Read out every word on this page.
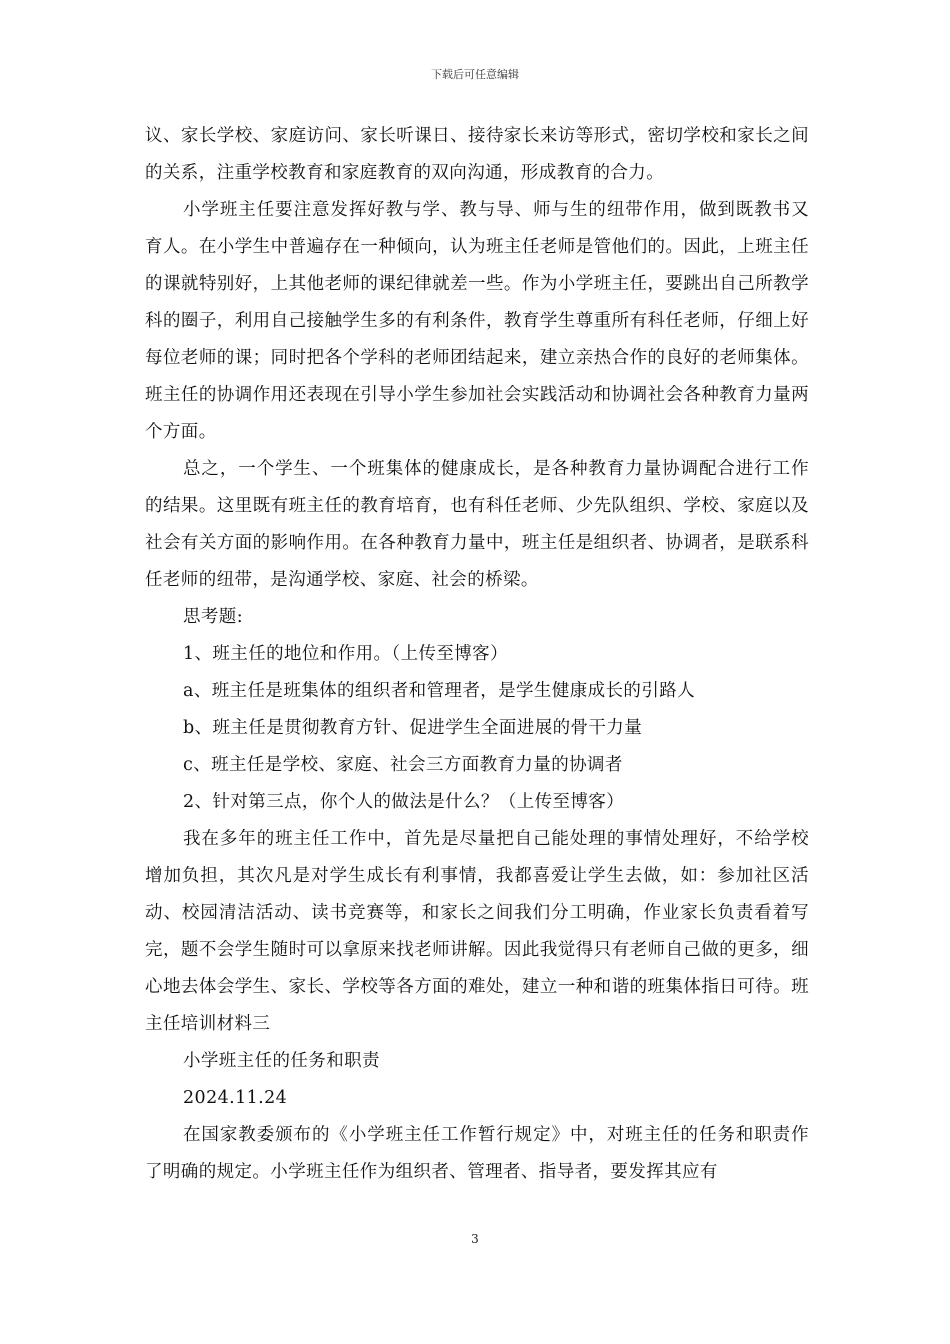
下载后可任意编辑

议、家长学校、家庭访问、家长听课日、接待家长来访等形式，密切学校和家长之间的关系，注重学校教育和家庭教育的双向沟通，形成教育的合力。

小学班主任要注意发挥好教与学、教与导、师与生的纽带作用，做到既教书又育人。在小学生中普遍存在一种倾向，认为班主任老师是管他们的。因此，上班主任的课就特别好，上其他老师的课纪律就差一些。作为小学班主任，要跳出自己所教学科的圈子，利用自己接触学生多的有利条件，教育学生尊重所有科任老师，仔细上好每位老师的课；同时把各个学科的老师团结起来，建立亲热合作的良好的老师集体。班主任的协调作用还表现在引导小学生参加社会实践活动和协调社会各种教育力量两个方面。

总之，一个学生、一个班集体的健康成长，是各种教育力量协调配合进行工作的结果。这里既有班主任的教育培育，也有科任老师、少先队组织、学校、家庭以及社会有关方面的影响作用。在各种教育力量中，班主任是组织者、协调者，是联系科任老师的纽带，是沟通学校、家庭、社会的桥梁。

思考题:

1、班主任的地位和作用。（上传至博客）

a、班主任是班集体的组织者和管理者，是学生健康成长的引路人

b、班主任是贯彻教育方针、促进学生全面进展的骨干力量

c、班主任是学校、家庭、社会三方面教育力量的协调者

2、针对第三点，你个人的做法是什么？（上传至博客）

我在多年的班主任工作中，首先是尽量把自己能处理的事情处理好，不给学校增加负担，其次凡是对学生成长有利事情，我都喜爱让学生去做，如：参加社区活动、校园清洁活动、读书竞赛等，和家长之间我们分工明确，作业家长负责看着写完，题不会学生随时可以拿原来找老师讲解。因此我觉得只有老师自己做的更多，细心地去体会学生、家长、学校等各方面的难处，建立一种和谐的班集体指日可待。班主任培训材料三

小学班主任的任务和职责

2024.11.24

在国家教委颁布的《小学班主任工作暂行规定》中，对班主任的任务和职责作了明确的规定。小学班主任作为组织者、管理者、指导者，要发挥其应有

3
